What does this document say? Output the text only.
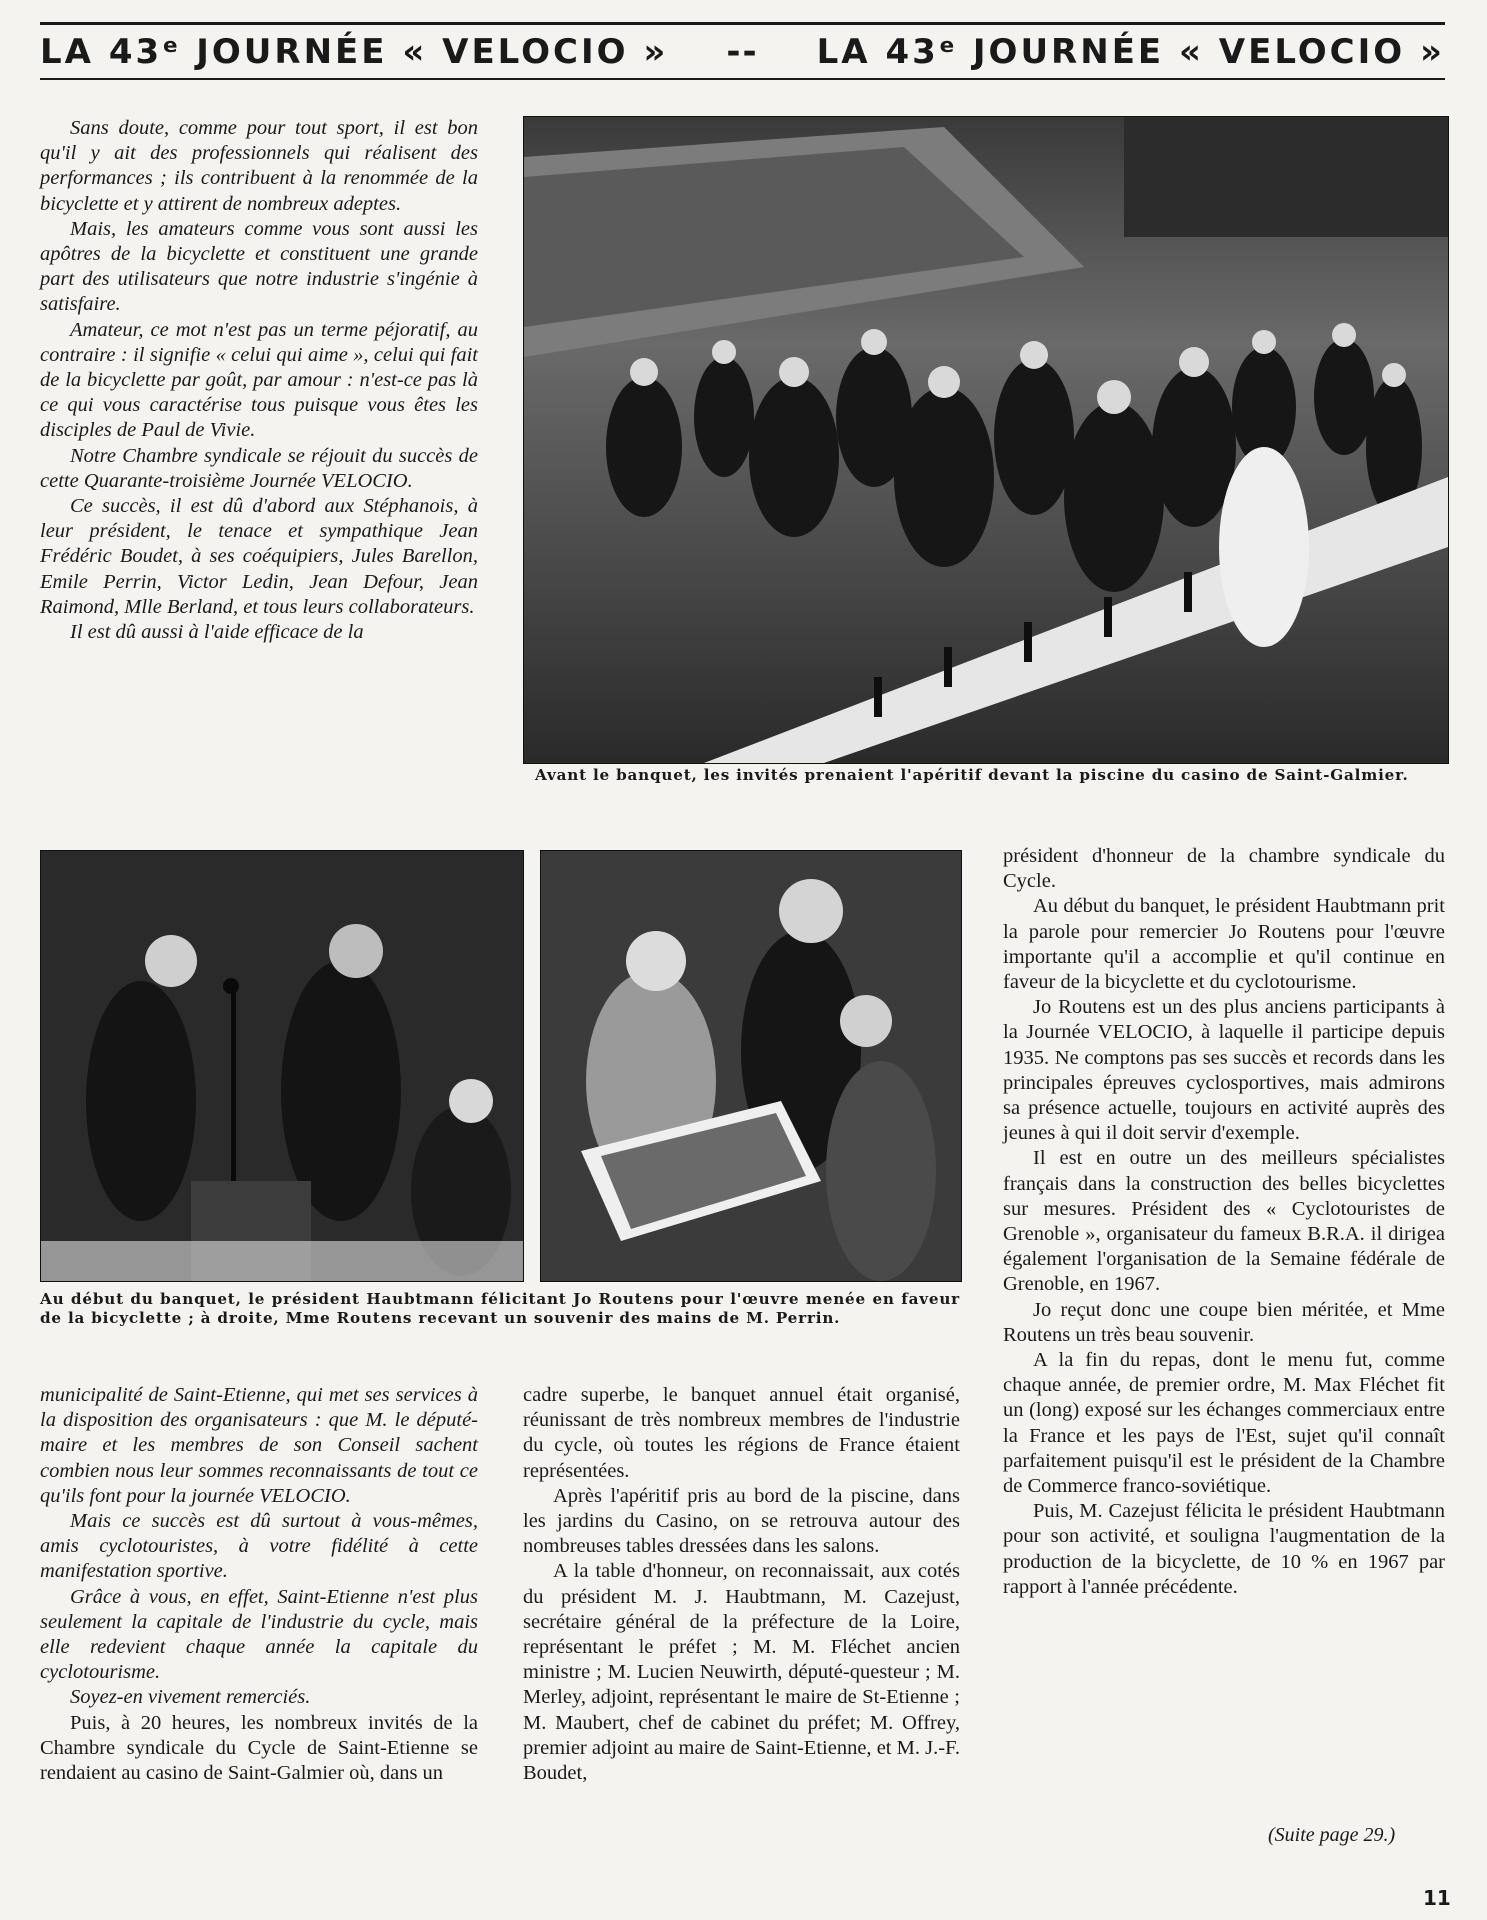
LA 43ᵉ JOURNÉE « VELOCIO » -- LA 43ᵉ JOURNÉE « VELOCIO »

Sans doute, comme pour tout sport, il est bon qu'il y ait des professionnels qui réalisent des performances ; ils contribuent à la renommée de la bicyclette et y attirent de nombreux adeptes.

Mais, les amateurs comme vous sont aussi les apôtres de la bicyclette et constituent une grande part des utilisateurs que notre industrie s'ingénie à satisfaire.

Amateur, ce mot n'est pas un terme péjoratif, au contraire : il signifie « celui qui aime », celui qui fait de la bicyclette par goût, par amour : n'est-ce pas là ce qui vous caractérise tous puisque vous êtes les disciples de Paul de Vivie.

Notre Chambre syndicale se réjouit du succès de cette Quarante-troisième Journée VELOCIO.

Ce succès, il est dû d'abord aux Stéphanois, à leur président, le tenace et sympathique Jean Frédéric Boudet, à ses coéquipiers, Jules Barellon, Emile Perrin, Victor Ledin, Jean Defour, Jean Raimond, Mlle Berland, et tous leurs collaborateurs.

Il est dû aussi à l'aide efficace de la

Avant le banquet, les invités prenaient l'apéritif devant la piscine du casino de Saint-Galmier.
Au début du banquet, le président Haubtmann félicitant Jo Routens pour l'œuvre menée en faveur de la bicyclette ; à droite, Mme Routens recevant un souvenir des mains de M. Perrin.

municipalité de Saint-Etienne, qui met ses services à la disposition des organisateurs : que M. le député-maire et les membres de son Conseil sachent combien nous leur sommes reconnaissants de tout ce qu'ils font pour la journée VELOCIO.

Mais ce succès est dû surtout à vous-mêmes, amis cyclotouristes, à votre fidélité à cette manifestation sportive.

Grâce à vous, en effet, Saint-Etienne n'est plus seulement la capitale de l'industrie du cycle, mais elle redevient chaque année la capitale du cyclotourisme.

Soyez-en vivement remerciés.

Puis, à 20 heures, les nombreux invités de la Chambre syndicale du Cycle de Saint-Etienne se rendaient au casino de Saint-Galmier où, dans un

cadre superbe, le banquet annuel était organisé, réunissant de très nombreux membres de l'industrie du cycle, où toutes les régions de France étaient représentées.

Après l'apéritif pris au bord de la piscine, dans les jardins du Casino, on se retrouva autour des nombreuses tables dressées dans les salons.

A la table d'honneur, on reconnaissait, aux cotés du président M. J. Haubtmann, M. Cazejust, secrétaire général de la préfecture de la Loire, représentant le préfet ; M. M. Fléchet ancien ministre ; M. Lucien Neuwirth, député-questeur ; M. Merley, adjoint, représentant le maire de St-Etienne ; M. Maubert, chef de cabinet du préfet; M. Offrey, premier adjoint au maire de Saint-Etienne, et M. J.-F. Boudet,

président d'honneur de la chambre syndicale du Cycle.

Au début du banquet, le président Haubtmann prit la parole pour remercier Jo Routens pour l'œuvre importante qu'il a accomplie et qu'il continue en faveur de la bicyclette et du cyclotourisme.

Jo Routens est un des plus anciens participants à la Journée VELOCIO, à laquelle il participe depuis 1935. Ne comptons pas ses succès et records dans les principales épreuves cyclosportives, mais admirons sa présence actuelle, toujours en activité auprès des jeunes à qui il doit servir d'exemple.

Il est en outre un des meilleurs spécialistes français dans la construction des belles bicyclettes sur mesures. Président des « Cyclotouristes de Grenoble », organisateur du fameux B.R.A. il dirigea également l'organisation de la Semaine fédérale de Grenoble, en 1967.

Jo reçut donc une coupe bien méritée, et Mme Routens un très beau souvenir.

A la fin du repas, dont le menu fut, comme chaque année, de premier ordre, M. Max Fléchet fit un (long) exposé sur les échanges commerciaux entre la France et les pays de l'Est, sujet qu'il connaît parfaitement puisqu'il est le président de la Chambre de Commerce franco-soviétique.

Puis, M. Cazejust félicita le président Haubtmann pour son activité, et souligna l'augmentation de la production de la bicyclette, de 10 % en 1967 par rapport à l'année précédente.

(Suite page 29.)
11
